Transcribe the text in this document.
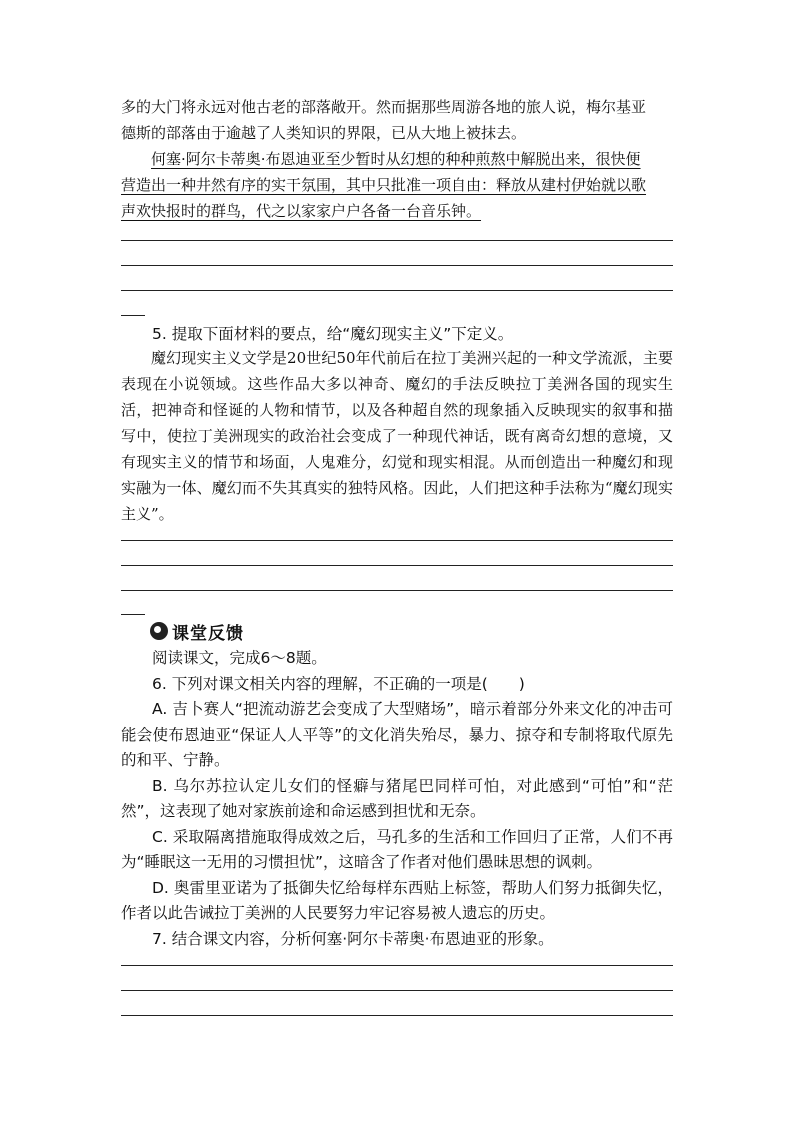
多的大门将永远对他古老的部落敞开。然而据那些周游各地的旅人说，梅尔基亚

德斯的部落由于逾越了人类知识的界限，已从大地上被抹去。

何塞·阿尔卡蒂奥·布恩迪亚至少暂时从幻想的种种煎熬中解脱出来，很快便

营造出一种井然有序的实干氛围，其中只批准一项自由：释放从建村伊始就以歌

声欢快报时的群鸟，代之以家家户户各备一台音乐钟。

5. 提取下面材料的要点，给“魔幻现实主义”下定义。

魔幻现实主义文学是20世纪50年代前后在拉丁美洲兴起的一种文学流派，主要表现在小说领域。这些作品大多以神奇、魔幻的手法反映拉丁美洲各国的现实生活，把神奇和怪诞的人物和情节，以及各种超自然的现象插入反映现实的叙事和描写中，使拉丁美洲现实的政治社会变成了一种现代神话，既有离奇幻想的意境，又有现实主义的情节和场面，人鬼难分，幻觉和现实相混。从而创造出一种魔幻和现实融为一体、魔幻而不失其真实的独特风格。因此，人们把这种手法称为“魔幻现实主义”。

课堂反馈

阅读课文，完成6～8题。

6. 下列对课文相关内容的理解，不正确的一项是(　　)

A. 吉卜赛人“把流动游艺会变成了大型赌场”，暗示着部分外来文化的冲击可能会使布恩迪亚“保证人人平等”的文化消失殆尽，暴力、掠夺和专制将取代原先的和平、宁静。

B. 乌尔苏拉认定儿女们的怪癖与猪尾巴同样可怕，对此感到“可怕”和“茫然”，这表现了她对家族前途和命运感到担忧和无奈。

C. 采取隔离措施取得成效之后，马孔多的生活和工作回归了正常，人们不再为“睡眠这一无用的习惯担忧”，这暗含了作者对他们愚昧思想的讽刺。

D. 奥雷里亚诺为了抵御失忆给每样东西贴上标签，帮助人们努力抵御失忆，作者以此告诫拉丁美洲的人民要努力牢记容易被人遗忘的历史。

7. 结合课文内容，分析何塞·阿尔卡蒂奥·布恩迪亚的形象。
